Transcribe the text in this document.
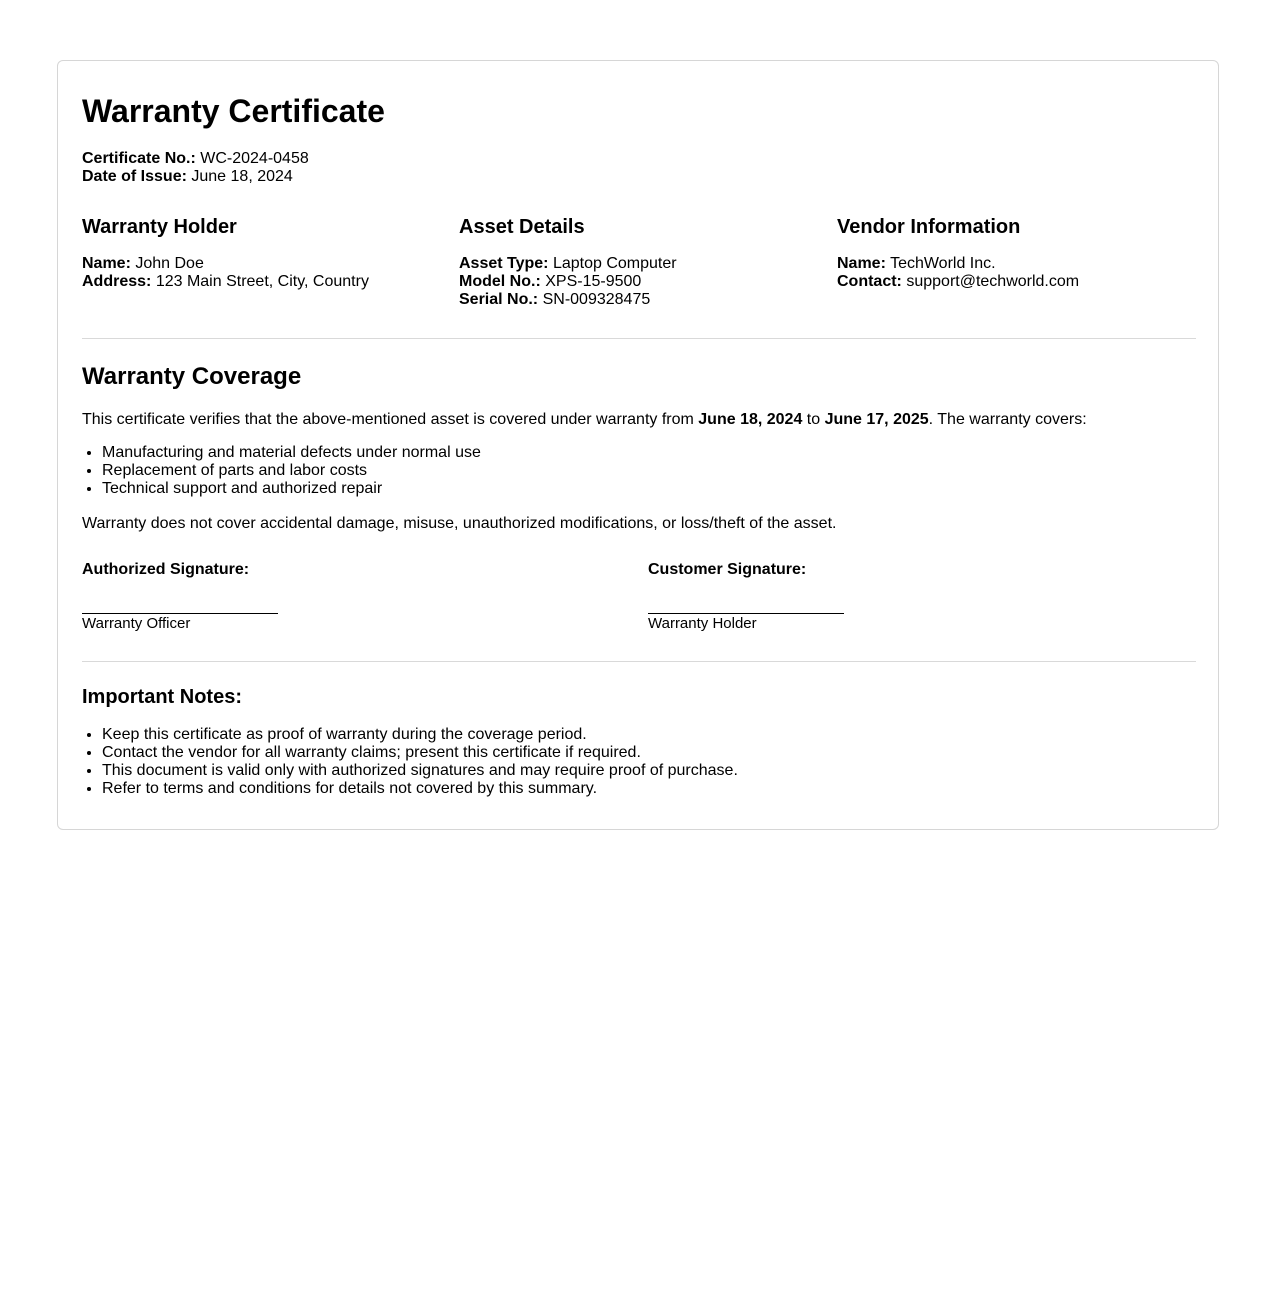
Warranty Certificate
Certificate No.: WC-2024-0458
Date of Issue: June 18, 2024
Warranty Holder
Name: John Doe
Address: 123 Main Street, City, Country
Asset Details
Asset Type: Laptop Computer
Model No.: XPS-15-9500
Serial No.: SN-009328475
Vendor Information
Name: TechWorld Inc.
Contact: support@techworld.com
Warranty Coverage

This certificate verifies that the above-mentioned asset is covered under warranty from June 18, 2024 to June 17, 2025. The warranty covers:

• Manufacturing and material defects under normal use
• Replacement of parts and labor costs
• Technical support and authorized repair

Warranty does not cover accidental damage, misuse, unauthorized modifications, or loss/theft of the asset.

Authorized Signature:
Warranty Officer
Customer Signature:
Warranty Holder
Important Notes:
• Keep this certificate as proof of warranty during the coverage period.
• Contact the vendor for all warranty claims; present this certificate if required.
• This document is valid only with authorized signatures and may require proof of purchase.
• Refer to terms and conditions for details not covered by this summary.
